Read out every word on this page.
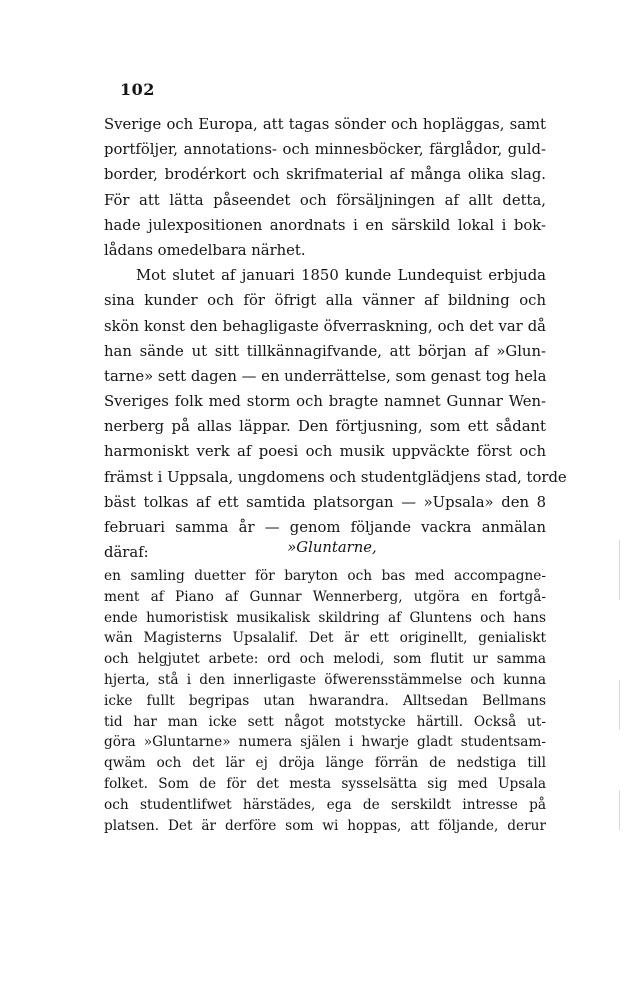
102
Sverige och Europa, att tagas sönder och hopläggas, samt
portföljer, annotations- och minnesböcker, färglådor, guld-
border, brodérkort och skrifmaterial af många olika slag.
För att lätta påseendet och försäljningen af allt detta,
hade julexpositionen anordnats i en särskild lokal i bok-
lådans omedelbara närhet.
Mot slutet af januari 1850 kunde Lundequist erbjuda
sina kunder och för öfrigt alla vänner af bildning och
skön konst den behagligaste öfverraskning, och det var då
han sände ut sitt tillkännagifvande, att början af »Glun-
tarne» sett dagen — en underrättelse, som genast tog hela
Sveriges folk med storm och bragte namnet Gunnar Wen-
nerberg på allas läppar. Den förtjusning, som ett sådant
harmoniskt verk af poesi och musik uppväckte först och
främst i Uppsala, ungdomens och studentglädjens stad, torde
bäst tolkas af ett samtida platsorgan — »Upsala» den 8
februari samma år — genom följande vackra anmälan
däraf:	»Gluntarne,
en samling duetter för baryton och bas med accompagne-
ment af Piano af Gunnar Wennerberg, utgöra en fortgå-
ende humoristisk musikalisk skildring af Gluntens och hans
wän Magisterns Upsalalif. Det är ett originellt, genialiskt
och helgjutet arbete: ord och melodi, som flutit ur samma
hjerta, stå i den innerligaste öfwerensstämmelse och kunna
icke fullt begripas utan hwarandra. Alltsedan Bellmans
tid har man icke sett något motstycke härtill. Också ut-
göra »Gluntarne» numera själen i hwarje gladt studentsam-
qwäm och det lär ej dröja länge förrän de nedstiga till
folket. Som de för det mesta sysselsätta sig med Upsala
och studentlifwet härstädes, ega de serskildt intresse på
platsen. Det är derföre som wi hoppas, att följande, derur
